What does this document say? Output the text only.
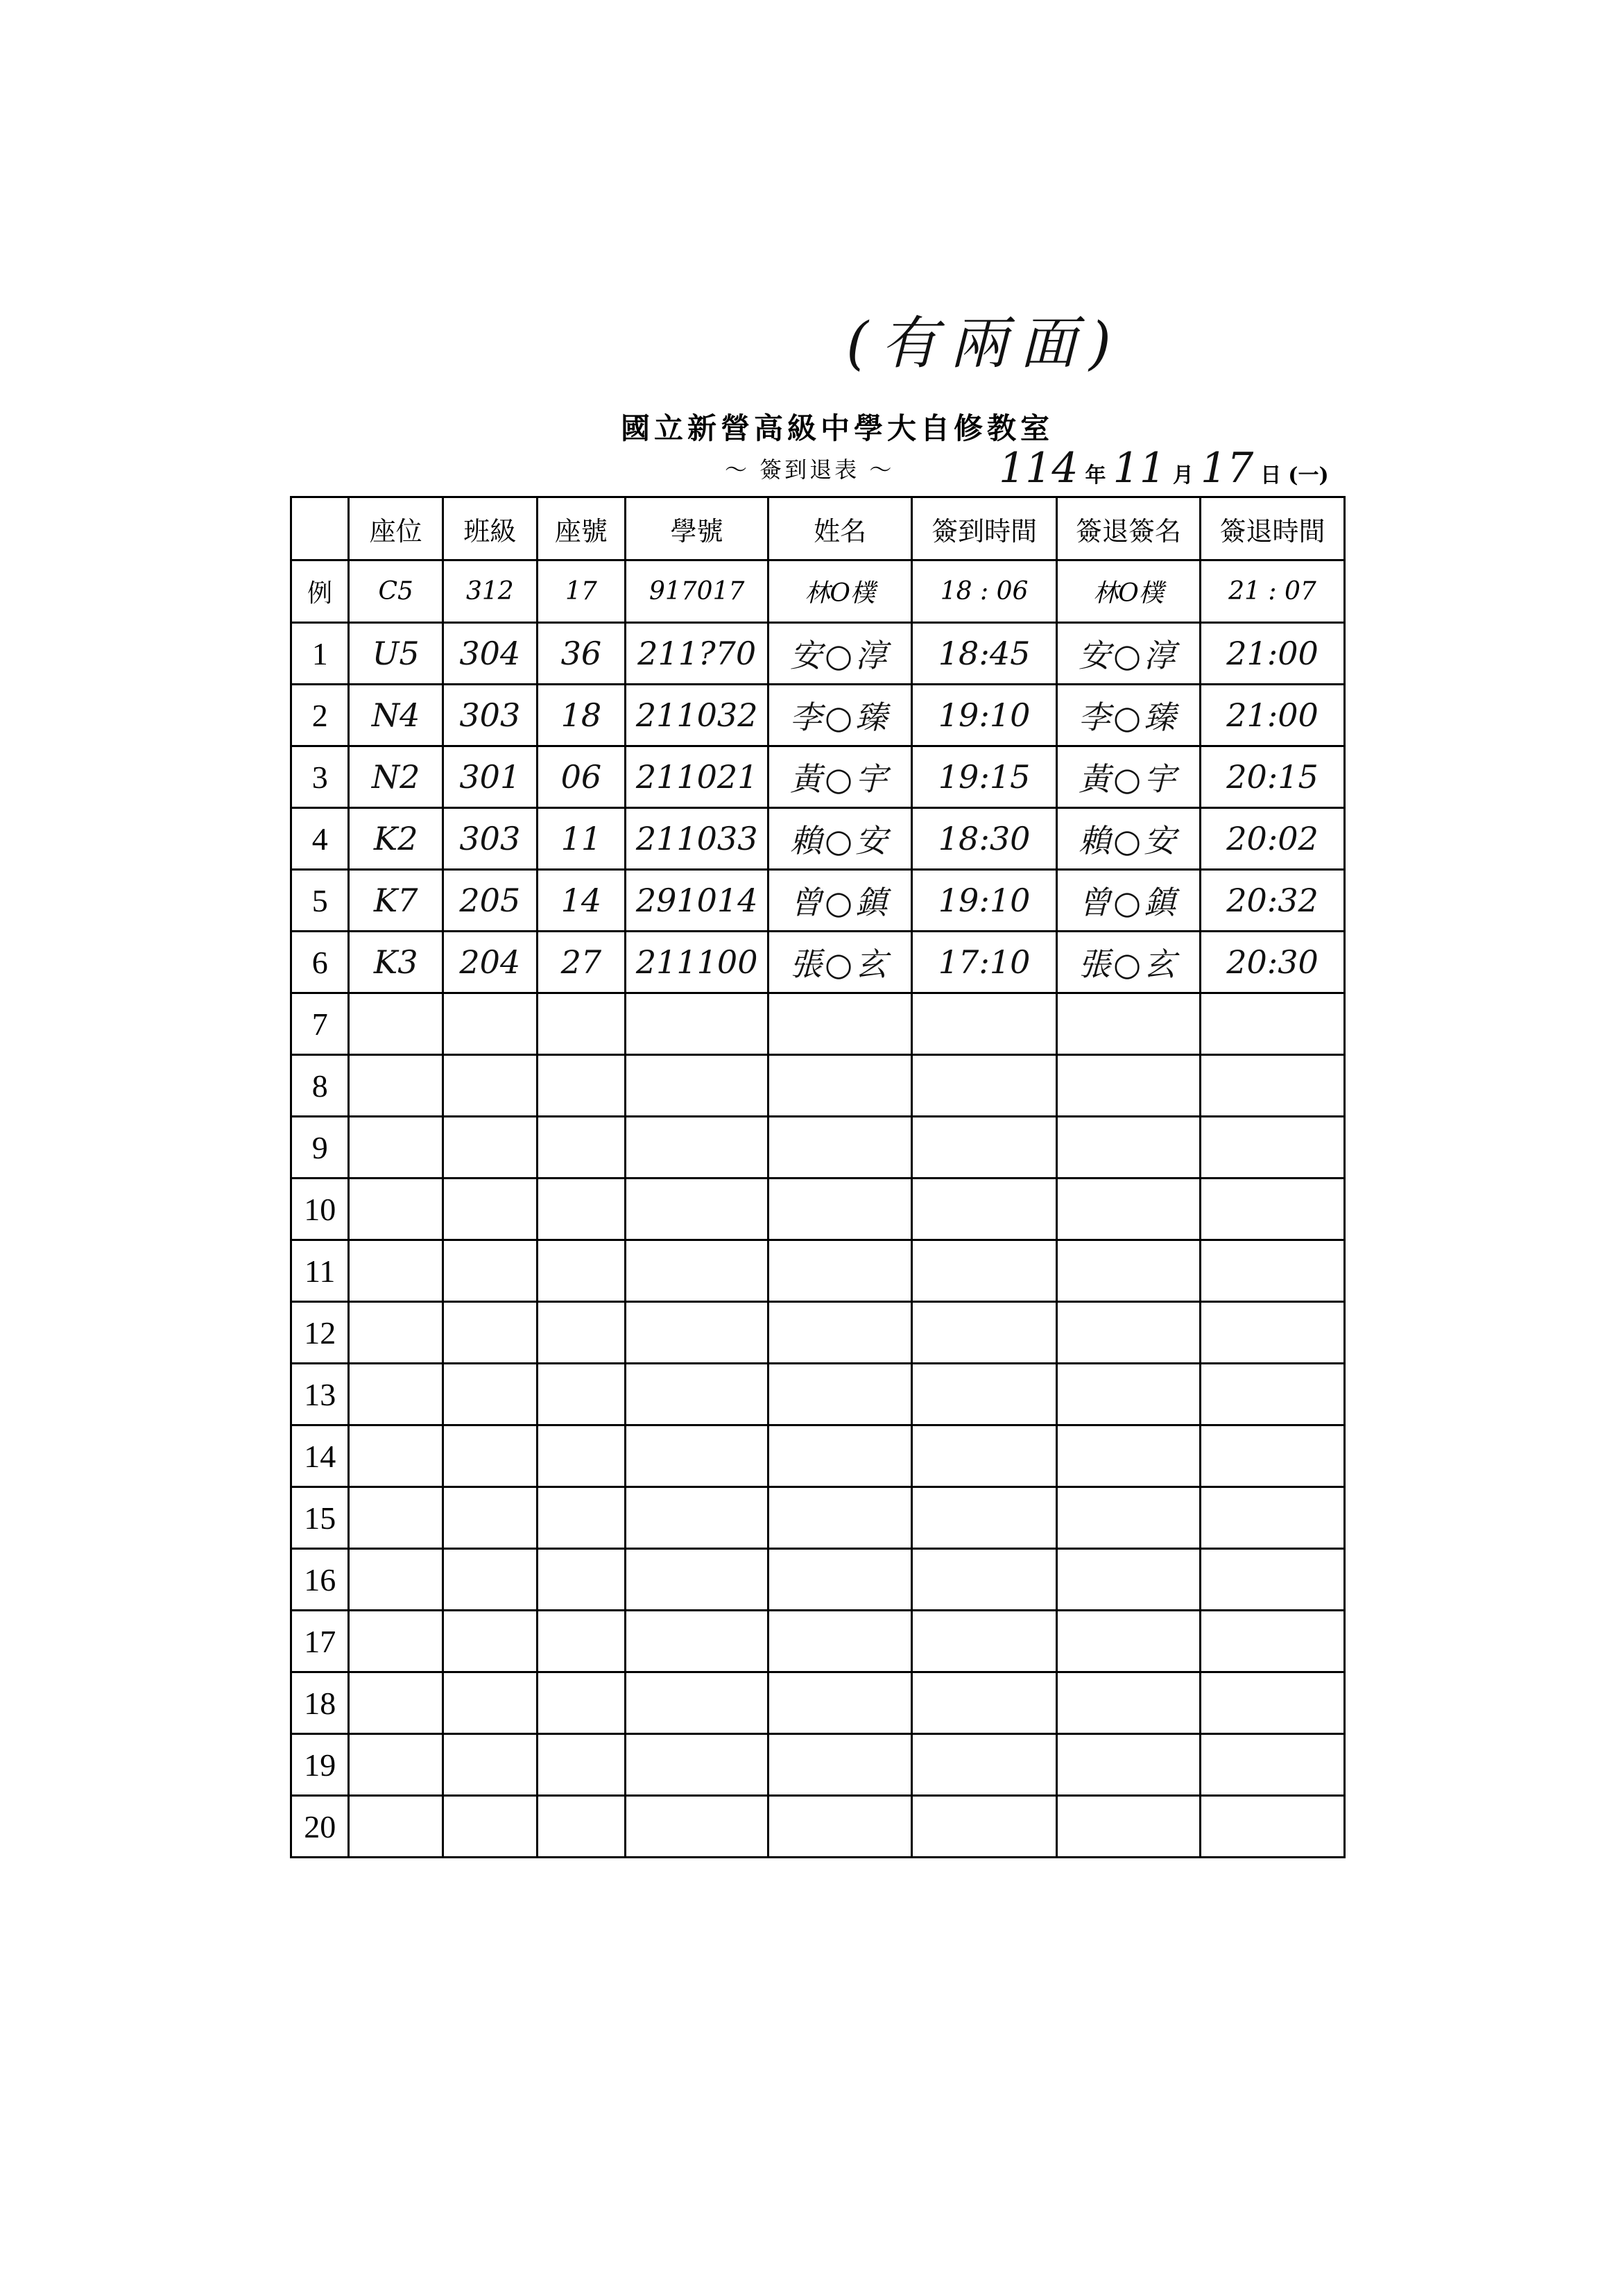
(有兩面)
國立新營高級中學大自修教室
～ 簽到退表 ～	114 年 11 月 17 日 (一)
	座位	班級	座號	學號	姓名	簽到時間	簽退簽名	簽退時間
例	C5	312	17	917017	林O樸	18 : 06	林O樸	21 : 07
1	U5	304	36	211?70	安○淳	18:45	安○淳	21:00
2	N4	303	18	211032	李○臻	19:10	李○臻	21:00
3	N2	301	06	211021	黃○宇	19:15	黃○宇	20:15
4	K2	303	11	211033	賴○安	18:30	賴○安	20:02
5	K7	205	14	291014	曾○鎮	19:10	曾○鎮	20:32
6	K3	204	27	211100	張○玄	17:10	張○玄	20:30
7								
8								
9								
10								
11								
12								
13								
14								
15								
16								
17								
18								
19								
20								
